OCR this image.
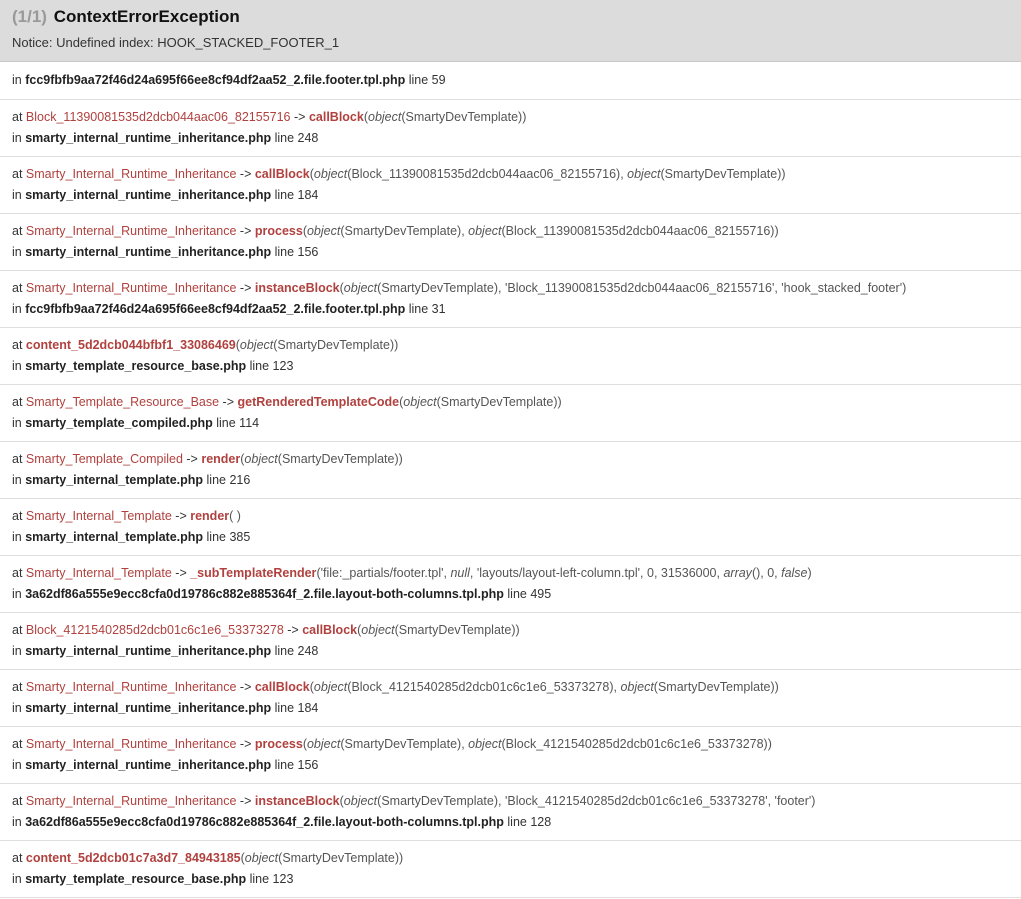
(1/1) ContextErrorException
Notice: Undefined index: HOOK_STACKED_FOOTER_1
in fcc9fbfb9aa72f46d24a695f66ee8cf94df2aa52_2.file.footer.tpl.php line 59
at Block_11390081535d2dcb044aac06_82155716 -> callBlock(object(SmartyDevTemplate))
in smarty_internal_runtime_inheritance.php line 248
at Smarty_Internal_Runtime_Inheritance -> callBlock(object(Block_11390081535d2dcb044aac06_82155716), object(SmartyDevTemplate))
in smarty_internal_runtime_inheritance.php line 184
at Smarty_Internal_Runtime_Inheritance -> process(object(SmartyDevTemplate), object(Block_11390081535d2dcb044aac06_82155716))
in smarty_internal_runtime_inheritance.php line 156
at Smarty_Internal_Runtime_Inheritance -> instanceBlock(object(SmartyDevTemplate), 'Block_11390081535d2dcb044aac06_82155716', 'hook_stacked_footer')
in fcc9fbfb9aa72f46d24a695f66ee8cf94df2aa52_2.file.footer.tpl.php line 31
at content_5d2dcb044bfbf1_33086469(object(SmartyDevTemplate))
in smarty_template_resource_base.php line 123
at Smarty_Template_Resource_Base -> getRenderedTemplateCode(object(SmartyDevTemplate))
in smarty_template_compiled.php line 114
at Smarty_Template_Compiled -> render(object(SmartyDevTemplate))
in smarty_internal_template.php line 216
at Smarty_Internal_Template -> render( )
in smarty_internal_template.php line 385
at Smarty_Internal_Template -> _subTemplateRender('file:_partials/footer.tpl', null, 'layouts/layout-left-column.tpl', 0, 31536000, array(), 0, false)
in 3a62df86a555e9ecc8cfa0d19786c882e885364f_2.file.layout-both-columns.tpl.php line 495
at Block_4121540285d2dcb01c6c1e6_53373278 -> callBlock(object(SmartyDevTemplate))
in smarty_internal_runtime_inheritance.php line 248
at Smarty_Internal_Runtime_Inheritance -> callBlock(object(Block_4121540285d2dcb01c6c1e6_53373278), object(SmartyDevTemplate))
in smarty_internal_runtime_inheritance.php line 184
at Smarty_Internal_Runtime_Inheritance -> process(object(SmartyDevTemplate), object(Block_4121540285d2dcb01c6c1e6_53373278))
in smarty_internal_runtime_inheritance.php line 156
at Smarty_Internal_Runtime_Inheritance -> instanceBlock(object(SmartyDevTemplate), 'Block_4121540285d2dcb01c6c1e6_53373278', 'footer')
in 3a62df86a555e9ecc8cfa0d19786c882e885364f_2.file.layout-both-columns.tpl.php line 128
at content_5d2dcb01c7a3d7_84943185(object(SmartyDevTemplate))
in smarty_template_resource_base.php line 123
